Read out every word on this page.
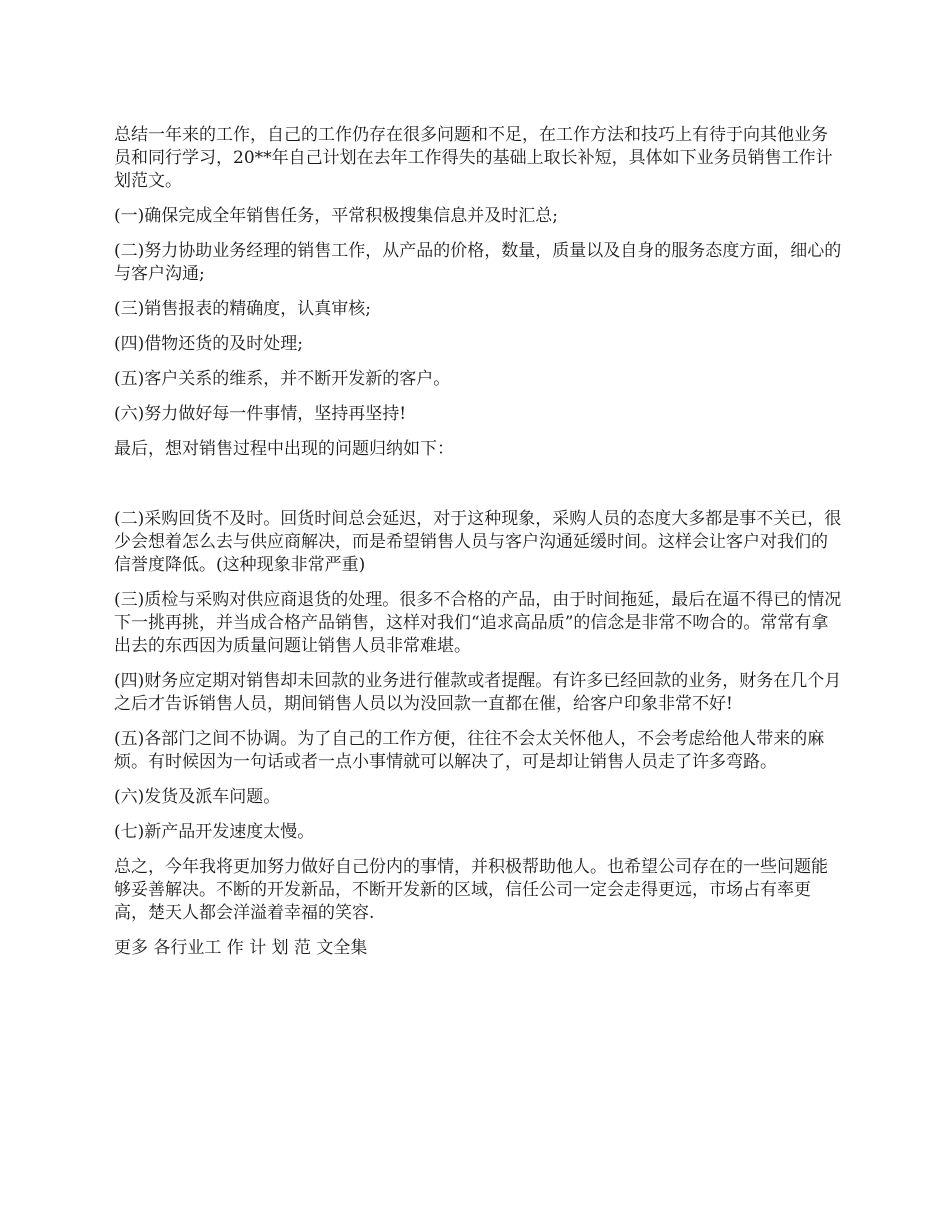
总结一年来的工作，自己的工作仍存在很多问题和不足，在工作方法和技巧上有待于向其他业务员和同行学习，20**年自己计划在去年工作得失的基础上取长补短，具体如下业务员销售工作计划范文。

(一)确保完成全年销售任务，平常积极搜集信息并及时汇总;

(二)努力协助业务经理的销售工作，从产品的价格，数量，质量以及自身的服务态度方面，细心的与客户沟通;

(三)销售报表的精确度，认真审核;

(四)借物还货的及时处理;

(五)客户关系的维系，并不断开发新的客户。

(六)努力做好每一件事情，坚持再坚持!

最后，想对销售过程中出现的问题归纳如下：

(二)采购回货不及时。回货时间总会延迟，对于这种现象，采购人员的态度大多都是事不关已，很少会想着怎么去与供应商解决，而是希望销售人员与客户沟通延缓时间。这样会让客户对我们的信誉度降低。(这种现象非常严重)

(三)质检与采购对供应商退货的处理。很多不合格的产品，由于时间拖延，最后在逼不得已的情况下一挑再挑，并当成合格产品销售，这样对我们“追求高品质”的信念是非常不吻合的。常常有拿出去的东西因为质量问题让销售人员非常难堪。

(四)财务应定期对销售却未回款的业务进行催款或者提醒。有许多已经回款的业务，财务在几个月之后才告诉销售人员，期间销售人员以为没回款一直都在催，给客户印象非常不好!

(五)各部门之间不协调。为了自己的工作方便，往往不会太关怀他人，不会考虑给他人带来的麻烦。有时候因为一句话或者一点小事情就可以解决了，可是却让销售人员走了许多弯路。

(六)发货及派车问题。

(七)新产品开发速度太慢。

总之，今年我将更加努力做好自己份内的事情，并积极帮助他人。也希望公司存在的一些问题能够妥善解决。不断的开发新品，不断开发新的区域，信任公司一定会走得更远，市场占有率更高，楚天人都会洋溢着幸福的笑容.

更多 各行业工 作 计 划 范 文全集
